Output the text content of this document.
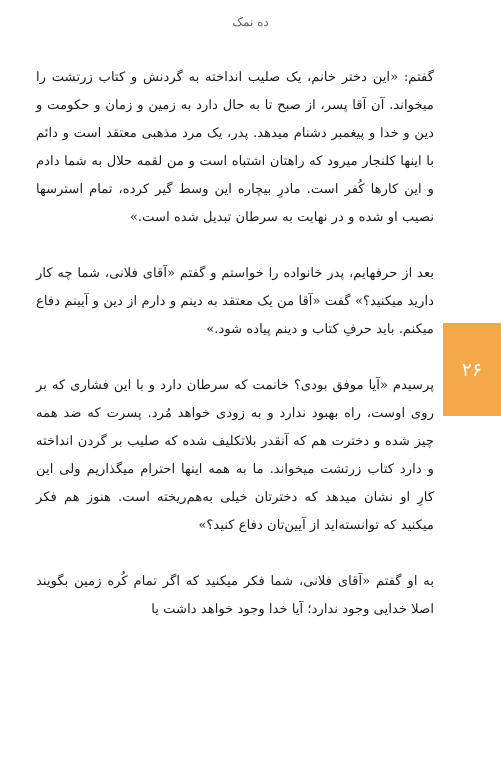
ده نمک

گفتم: «این دختر خانم، یک صلیب انداخته به گردنش و کتاب زرتشت را میخواند. آن آقا پسر، از صبح تا به حال دارد به زمین و زمان و حکومت و دین و خدا و پیغمبر دشنام میدهد. پدر، یک مرد مذهبی معتقد است و دائم با اینها کلنجار میرود که راهتان اشتباه است و من لقمه حلال به شما دادم و این کارها کُفر است. مادرِ بیچاره این وسط گیر کرده، تمام استرسها نصیب او شده و در نهایت به سرطان تبدیل شده است.»

بعد از حرفهایم، پدر خانواده را خواستم و گفتم «آقای فلانی، شما چه کار دارید میکنید؟» گفت «آقا من یک معتقد به دینم و دارم از دین و آیینم دفاع میکنم. باید حرفِ کتاب و دینم پیاده شود.»

پرسیدم «آیا موفق بودی؟ خانمت که سرطان دارد و با این فشاری که بر روی اوست، راه بهبود ندارد و به زودی خواهد مُرد. پسرت که ضد همه چیز شده و دخترت هم که آنقدر بلاتکلیف شده که صلیب بر گردن انداخته و دارد کتاب زرتشت میخواند. ما به همه اینها احترام میگذاریم ولی این کارِ او نشان میدهد که دخترتان خیلی به‌هم‌ریخته است. هنوز هم فکر میکنید که توانسته‌اید از آیین‌تان دفاع کنید؟»

به او گفتم «آقای فلانی، شما فکر میکنید که اگر تمام کُره زمین بگویند اصلا خدایی وجود ندارد؛ آیا خدا وجود خواهد داشت یا

۲۶
